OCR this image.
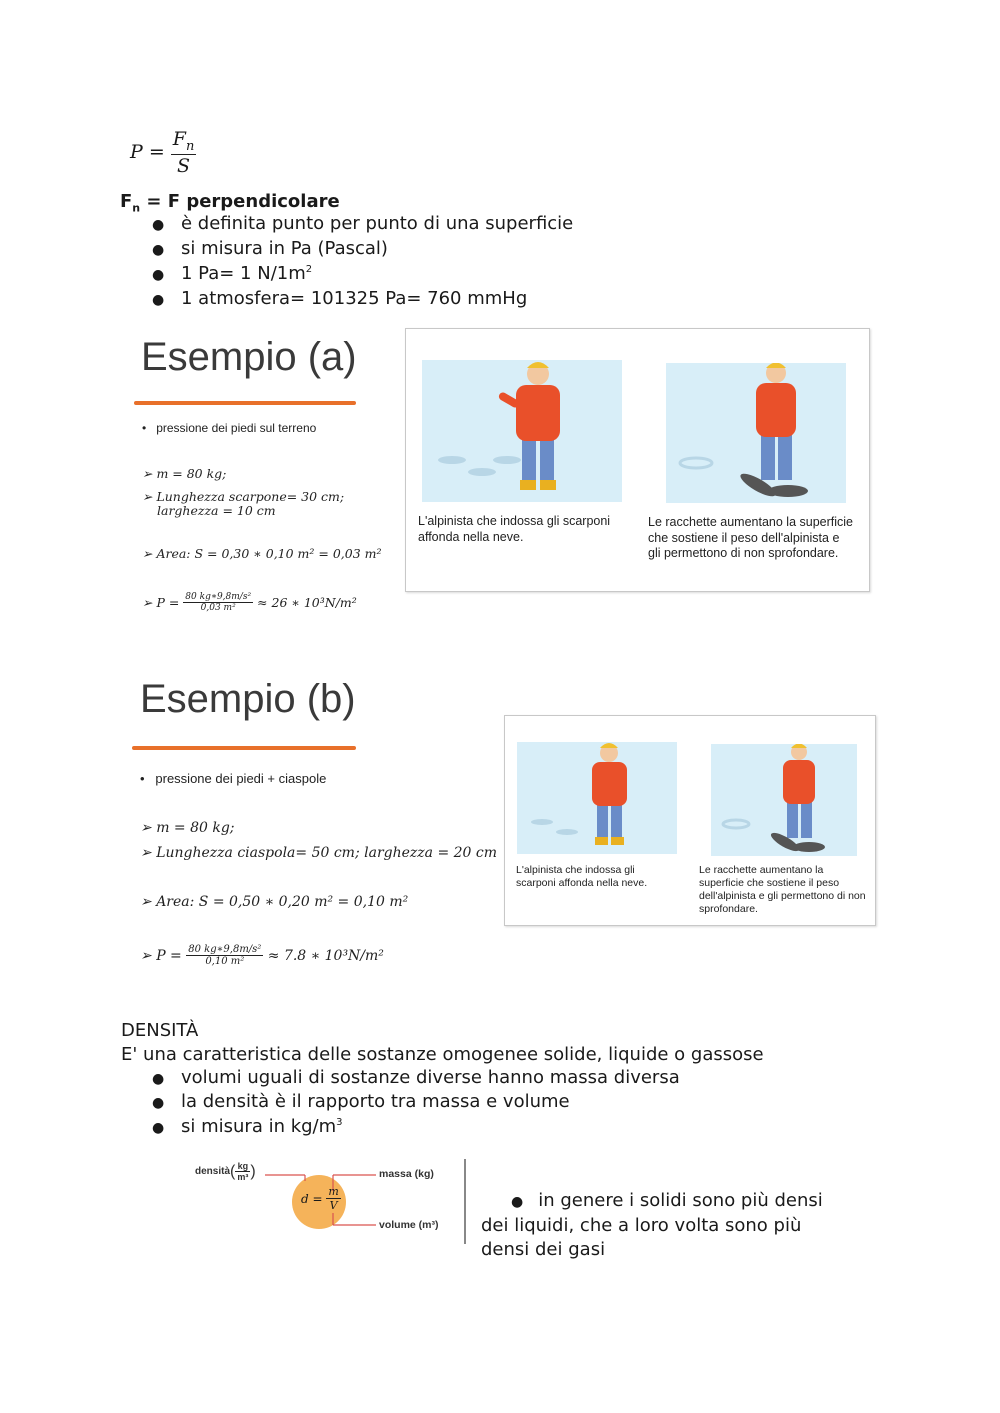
$P = \frac{F_n}{S}$
$F_n = F$ perpendicolare
● è definita punto per punto di una superficie
● si misura in Pa (Pascal)
● 1 Pa= 1 $N/1m^2$
● 1 atmosfera= 101325 Pa= 760 mmHg
Esempio (a)
•   pressione dei piedi sul terreno
➢ m = 80 kg;
➢ Lunghezza scarpone= 30 cm;
larghezza = 10 cm
➢ Area: S = 0,30 ∗ 0,10 m² = 0,03 m²
➢ P =
$\frac{\text{80 kg∗9,8m/s²}}{\text{0,03 m²}}$
≈ 26 ∗ 10³N/m²
L'alpinista che indossa gli scarponi affonda nella neve.
Le racchette aumentano la superficie che sostiene il peso dell'alpinista e gli permettono di non sprofondare.
Esempio (b)
•   pressione dei piedi + ciaspole
➢ m = 80 kg;
➢ Lunghezza ciaspola= 50 cm; larghezza = 20 cm
➢ Area: S = 0,50 ∗ 0,20 m² = 0,10 m²
➢ P =
$\frac{\text{80 kg∗9,8m/s²}}{\text{0,10 m²}}$
≈ 7.8 ∗ 10³N/m²
L'alpinista che indossa gli scarponi affonda nella neve.
Le racchette aumentano la superficie che sostiene il peso dell'alpinista e gli permettono di non sprofondare.
DENSITÀ
E' una caratteristica delle sostanze omogenee solide, liquide o gassose
● volumi uguali di sostanze diverse hanno massa diversa
● la densità è il rapporto tra massa e volume
● si misura in $kg/m^3$
densità ( $\frac{kg}{\text{m³}}$ )
d =
$\frac{m}{V}$
massa (kg)
volume (m³)
● in genere i solidi sono più densi
dei liquidi, che a loro volta sono più
densi dei gasi
